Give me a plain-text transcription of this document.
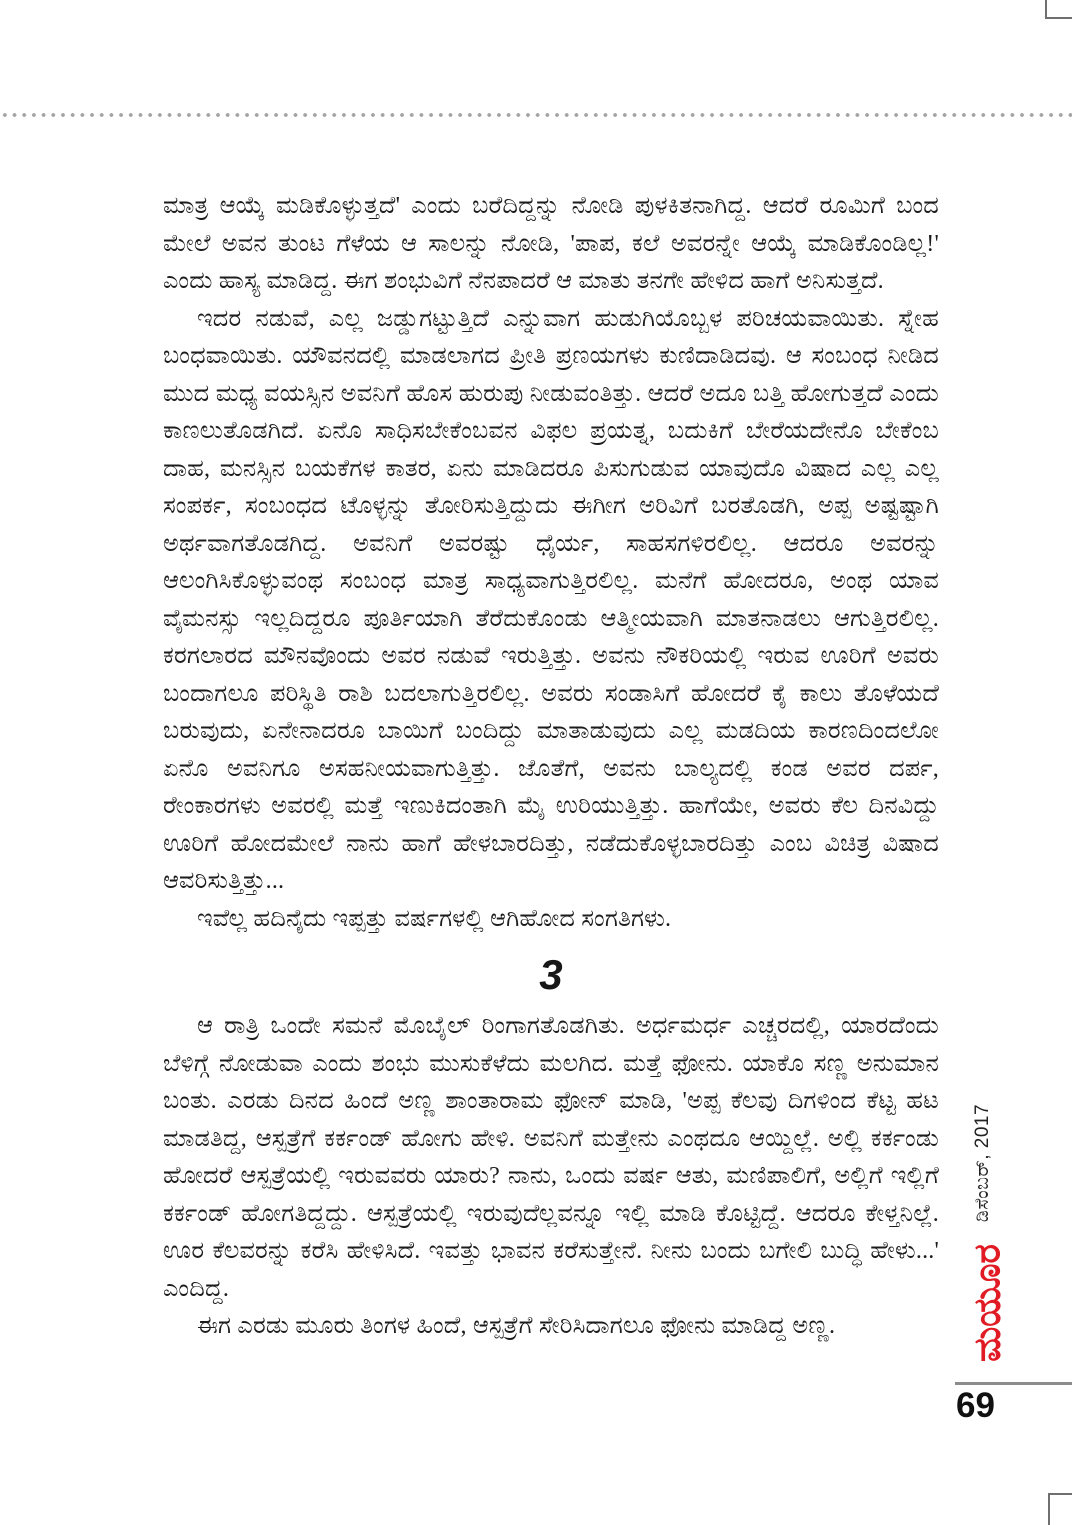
ಮಾತ್ರ ಆಯ್ಕೆ ಮಡಿಕೊಳ್ಳುತ್ತದೆ' ಎಂದು ಬರೆದಿದ್ದನ್ನು ನೋಡಿ ಪುಳಕಿತನಾಗಿದ್ದ. ಆದರೆ ರೂಮಿಗೆ ಬಂದ ಮೇಲೆ ಅವನ ತುಂಟ ಗೆಳೆಯ ಆ ಸಾಲನ್ನು ನೋಡಿ, 'ಪಾಪ, ಕಲೆ ಅವರನ್ನೇ ಆಯ್ಕೆ ಮಾಡಿಕೊಂಡಿಲ್ಲ!' ಎಂದು ಹಾಸ್ಯ ಮಾಡಿದ್ದ. ಈಗ ಶಂಭುವಿಗೆ ನೆನಪಾದರೆ ಆ ಮಾತು ತನಗೇ ಹೇಳಿದ ಹಾಗೆ ಅನಿಸುತ್ತದೆ.

ಇದರ ನಡುವೆ, ಎಲ್ಲ ಜಡ್ಡುಗಟ್ಟುತ್ತಿದೆ ಎನ್ನುವಾಗ ಹುಡುಗಿಯೊಬ್ಬಳ ಪರಿಚಯವಾಯಿತು. ಸ್ನೇಹ ಬಂಧವಾಯಿತು. ಯೌವನದಲ್ಲಿ ಮಾಡಲಾಗದ ಪ್ರೀತಿ ಪ್ರಣಯಗಳು ಕುಣಿದಾಡಿದವು. ಆ ಸಂಬಂಧ ನೀಡಿದ ಮುದ ಮಧ್ಯ ವಯಸ್ಸಿನ ಅವನಿಗೆ ಹೊಸ ಹುರುಪು ನೀಡುವಂತಿತ್ತು. ಆದರೆ ಅದೂ ಬತ್ತಿ ಹೋಗುತ್ತದೆ ಎಂದು ಕಾಣಲುತೊಡಗಿದೆ. ಏನೊ ಸಾಧಿಸಬೇಕೆಂಬವನ ವಿಫಲ ಪ್ರಯತ್ನ, ಬದುಕಿಗೆ ಬೇರೆಯದೇನೊ ಬೇಕೆಂಬ ದಾಹ, ಮನಸ್ಸಿನ ಬಯಕೆಗಳ ಕಾತರ, ಏನು ಮಾಡಿದರೂ ಪಿಸುಗುಡುವ ಯಾವುದೊ ವಿಷಾದ ಎಲ್ಲ ಎಲ್ಲ ಸಂಪರ್ಕ, ಸಂಬಂಧದ ಟೊಳ್ಳನ್ನು ತೋರಿಸುತ್ತಿದ್ದುದು ಈಗೀಗ ಅರಿವಿಗೆ ಬರತೊಡಗಿ, ಅಪ್ಪ ಅಷ್ಟಷ್ಟಾಗಿ ಅರ್ಥವಾಗತೊಡಗಿದ್ದ. ಅವನಿಗೆ ಅವರಷ್ಟು ಧೈರ್ಯ, ಸಾಹಸಗಳಿರಲಿಲ್ಲ. ಆದರೂ ಅವರನ್ನು ಆಲಂಗಿಸಿಕೊಳ್ಳುವಂಥ ಸಂಬಂಧ ಮಾತ್ರ ಸಾಧ್ಯವಾಗುತ್ತಿರಲಿಲ್ಲ. ಮನೆಗೆ ಹೋದರೂ, ಅಂಥ ಯಾವ ವೈಮನಸ್ಸು ಇಲ್ಲದಿದ್ದರೂ ಪೂರ್ತಿಯಾಗಿ ತೆರೆದುಕೊಂಡು ಆತ್ಮೀಯವಾಗಿ ಮಾತನಾಡಲು ಆಗುತ್ತಿರಲಿಲ್ಲ. ಕರಗಲಾರದ ಮೌನವೊಂದು ಅವರ ನಡುವೆ ಇರುತ್ತಿತ್ತು. ಅವನು ನೌಕರಿಯಲ್ಲಿ ಇರುವ ಊರಿಗೆ ಅವರು ಬಂದಾಗಲೂ ಪರಿಸ್ಥಿತಿ ರಾಶಿ ಬದಲಾಗುತ್ತಿರಲಿಲ್ಲ. ಅವರು ಸಂಡಾಸಿಗೆ ಹೋದರೆ ಕೈ ಕಾಲು ತೊಳೆಯದೆ ಬರುವುದು, ಏನೇನಾದರೂ ಬಾಯಿಗೆ ಬಂದಿದ್ದು ಮಾತಾಡುವುದು ಎಲ್ಲ ಮಡದಿಯ ಕಾರಣದಿಂದಲೋ ಏನೊ ಅವನಿಗೂ ಅಸಹನೀಯವಾಗುತ್ತಿತ್ತು. ಜೊತೆಗೆ, ಅವನು ಬಾಲ್ಯದಲ್ಲಿ ಕಂಡ ಅವರ ದರ್ಪ, ರೇಂಕಾರಗಳು ಅವರಲ್ಲಿ ಮತ್ತೆ ಇಣುಕಿದಂತಾಗಿ ಮೈ ಉರಿಯುತ್ತಿತ್ತು. ಹಾಗೆಯೇ, ಅವರು ಕೆಲ ದಿನವಿದ್ದು ಊರಿಗೆ ಹೋದಮೇಲೆ ನಾನು ಹಾಗೆ ಹೇಳಬಾರದಿತ್ತು, ನಡೆದುಕೊಳ್ಳಬಾರದಿತ್ತು ಎಂಬ ವಿಚಿತ್ರ ವಿಷಾದ ಆವರಿಸುತ್ತಿತ್ತು...

ಇವೆಲ್ಲ ಹದಿನೈದು ಇಪ್ಪತ್ತು ವರ್ಷಗಳಲ್ಲಿ ಆಗಿಹೋದ ಸಂಗತಿಗಳು.

3

ಆ ರಾತ್ರಿ ಒಂದೇ ಸಮನೆ ಮೊಬೈಲ್ ರಿಂಗಾಗತೊಡಗಿತು. ಅರ್ಧಮರ್ಧ ಎಚ್ಚರದಲ್ಲಿ, ಯಾರದೆಂದು ಬೆಳಿಗ್ಗೆ ನೋಡುವಾ ಎಂದು ಶಂಭು ಮುಸುಕೆಳೆದು ಮಲಗಿದ. ಮತ್ತೆ ಫೋನು. ಯಾಕೊ ಸಣ್ಣ ಅನುಮಾನ ಬಂತು. ಎರಡು ದಿನದ ಹಿಂದೆ ಅಣ್ಣ ಶಾಂತಾರಾಮ ಫೋನ್ ಮಾಡಿ, 'ಅಪ್ಪ ಕೆಲವು ದಿಗಳಿಂದ ಕೆಟ್ಟ ಹಟ ಮಾಡತಿದ್ದ, ಆಸ್ಪತ್ರೆಗೆ ಕರ್ಕಂಡ್ ಹೋಗು ಹೇಳಿ. ಅವನಿಗೆ ಮತ್ತೇನು ಎಂಥದೂ ಆಯ್ದಿಲ್ಲೆ. ಅಲ್ಲಿ ಕರ್ಕಂಡು ಹೋದರೆ ಆಸ್ಪತ್ರೆಯಲ್ಲಿ ಇರುವವರು ಯಾರು? ನಾನು, ಒಂದು ವರ್ಷ ಆತು, ಮಣಿಪಾಲಿಗೆ, ಅಲ್ಲಿಗೆ ಇಲ್ಲಿಗೆ ಕರ್ಕಂಡ್ ಹೋಗತಿದ್ದದ್ದು. ಆಸ್ಪತ್ರೆಯಲ್ಲಿ ಇರುವುದೆಲ್ಲವನ್ನೂ ಇಲ್ಲಿ ಮಾಡಿ ಕೊಟ್ಟಿದ್ದೆ. ಆದರೂ ಕೇಳ್ತನಿಲ್ಲೆ. ಊರ ಕೆಲವರನ್ನು ಕರೆಸಿ ಹೇಳಿಸಿದೆ. ಇವತ್ತು ಭಾವನ ಕರೆಸುತ್ತೇನೆ. ನೀನು ಬಂದು ಬಗೇಲಿ ಬುದ್ಧಿ ಹೇಳು...' ಎಂದಿದ್ದ.

ಈಗ ಎರಡು ಮೂರು ತಿಂಗಳ ಹಿಂದೆ, ಆಸ್ಪತ್ರೆಗೆ ಸೇರಿಸಿದಾಗಲೂ ಫೋನು ಮಾಡಿದ್ದ ಅಣ್ಣ.

ಡಿಸೆಂಬರ್, 2017
ಮಯೂರ
69
